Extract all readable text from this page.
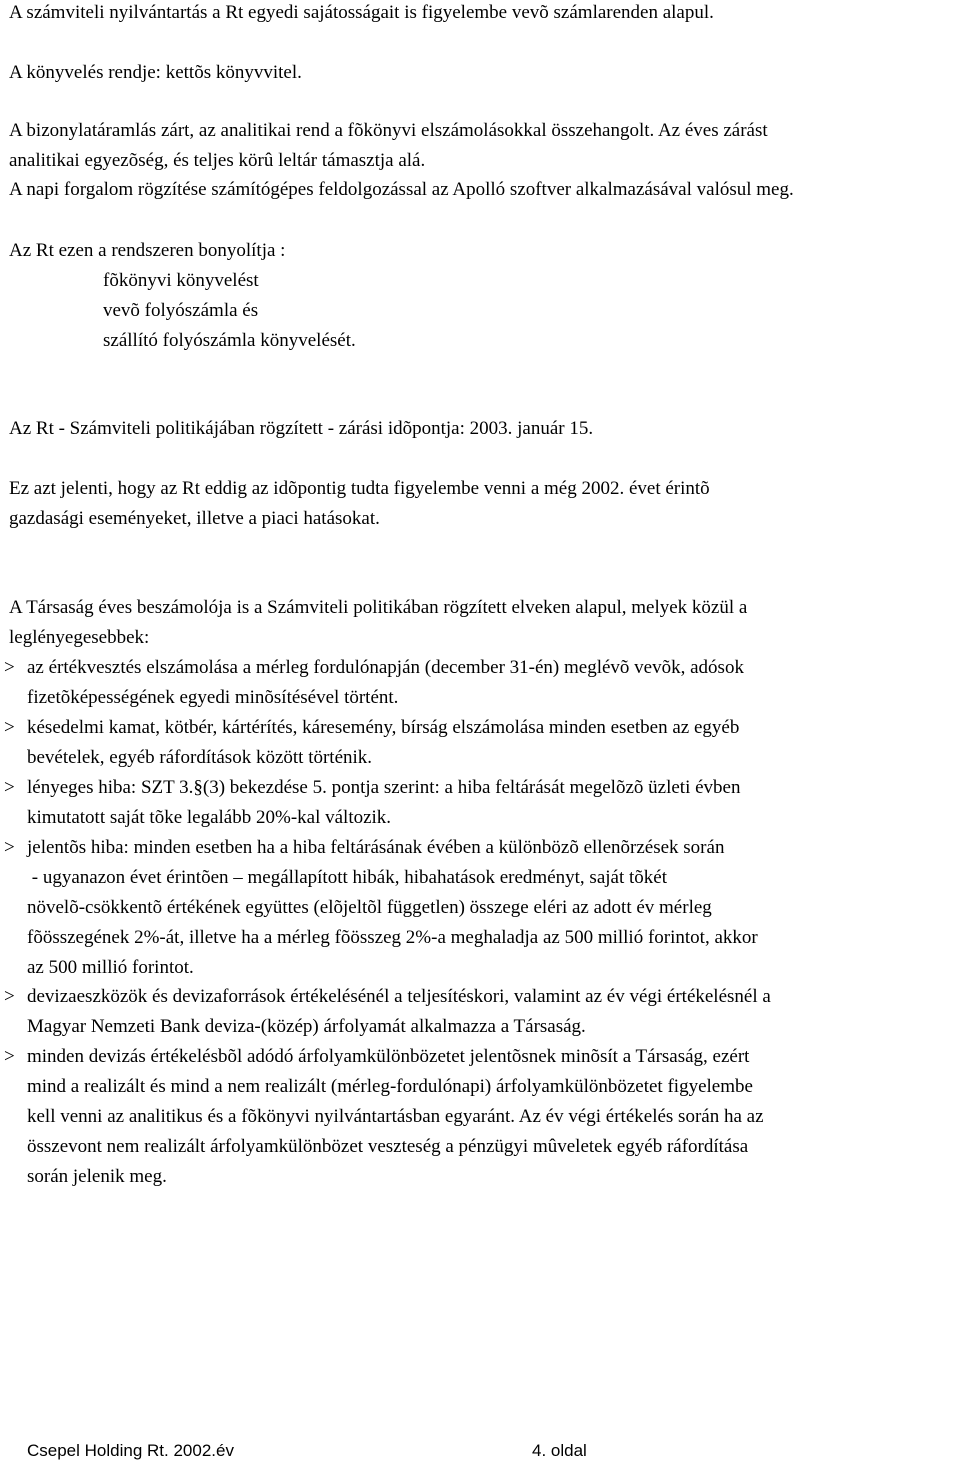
A számviteli nyilvántartás a Rt egyedi sajátosságait is figyelembe vevõ számlarenden alapul.
A könyvelés rendje: kettõs könyvvitel.
A bizonylatáramlás zárt, az analitikai rend a fõkönyvi elszámolásokkal összehangolt. Az éves zárást
analitikai egyezõség, és teljes körû leltár támasztja alá.
A napi forgalom rögzítése számítógépes feldolgozással az Apolló szoftver alkalmazásával valósul meg.
Az Rt ezen a rendszeren bonyolítja :
fõkönyvi könyvelést
vevõ folyószámla és
szállító folyószámla könyvelését.
Az Rt - Számviteli politikájában rögzített - zárási idõpontja: 2003. január 15.
Ez azt jelenti, hogy az Rt eddig az idõpontig tudta figyelembe venni a még 2002. évet érintõ
gazdasági eseményeket, illetve a piaci hatásokat.
A Társaság éves beszámolója is a Számviteli politikában rögzített elveken alapul, melyek közül a
leglényegesebbek:
> az értékvesztés elszámolása a mérleg fordulónapján (december 31-én) meglévõ vevõk, adósok
fizetõképességének egyedi minõsítésével történt.
> késedelmi kamat, kötbér, kártérítés, káresemény, bírság elszámolása minden esetben az egyéb
bevételek, egyéb ráfordítások között történik.
> lényeges hiba: SZT 3.§(3) bekezdése 5. pontja szerint: a hiba feltárását megelõzõ üzleti évben
kimutatott saját tõke legalább 20%-kal változik.
> jelentõs hiba: minden esetben ha a hiba feltárásának évében a különbözõ ellenõrzések során
- ugyanazon évet érintõen – megállapított hibák, hibahatások eredményt, saját tõkét
növelõ-csökkentõ értékének együttes (elõjeltõl független) összege eléri az adott év mérleg
fõösszegének 2%-át, illetve ha a mérleg fõösszeg 2%-a meghaladja az 500 millió forintot, akkor
az 500 millió forintot.
> devizaeszközök és devizaforrások értékelésénél a teljesítéskori, valamint az év végi értékelésnél a
Magyar Nemzeti Bank deviza-(közép) árfolyamát alkalmazza a Társaság.
> minden devizás értékelésbõl adódó árfolyamkülönbözetet jelentõsnek minõsít a Társaság, ezért
mind a realizált és mind a nem realizált (mérleg-fordulónapi) árfolyamkülönbözetet figyelembe
kell venni az analitikus és a fõkönyvi nyilvántartásban egyaránt. Az év végi értékelés során ha az
összevont nem realizált árfolyamkülönbözet veszteség a pénzügyi mûveletek egyéb ráfordítása
során jelenik meg.
Csepel Holding Rt. 2002.év	4. oldal
